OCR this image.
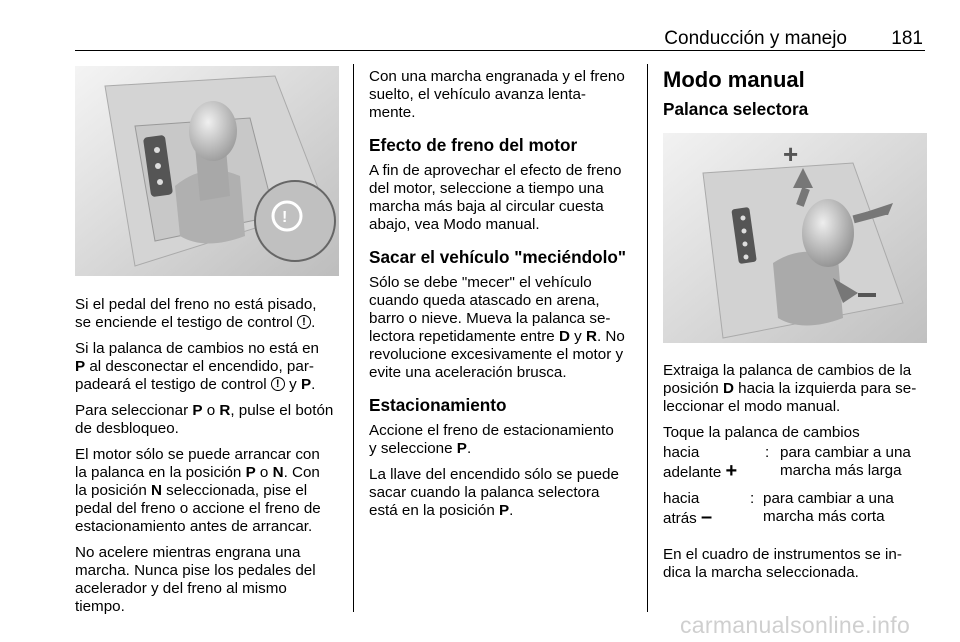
Conducción y manejo 181
!
+

Si el pedal del freno no está pisado,
se enciende el testigo de control !.

Si la palanca de cambios no está en
P al desconectar el encendido, par-
padeará el testigo de control ! y P.

Para seleccionar P o R, pulse el botón
de desbloqueo.

El motor sólo se puede arrancar con
la palanca en la posición P o N. Con
la posición N seleccionada, pise el
pedal del freno o accione el freno de
estacionamiento antes de arrancar.

No acelere mientras engrana una
marcha. Nunca pise los pedales del
acelerador y del freno al mismo
tiempo.

Con una marcha engranada y el freno
suelto, el vehículo avanza lenta-
mente.

Efecto de freno del motor

A fin de aprovechar el efecto de freno
del motor, seleccione a tiempo una
marcha más baja al circular cuesta
abajo, vea Modo manual.

Sacar el vehículo "meciéndolo"

Sólo se debe "mecer" el vehículo
cuando queda atascado en arena,
barro o nieve. Mueva la palanca se-
lectora repetidamente entre D y R. No
revolucione excesivamente el motor y
evite una aceleración brusca.

Estacionamiento

Accione el freno de estacionamiento
y seleccione P.

La llave del encendido sólo se puede
sacar cuando la palanca selectora
está en la posición P.

Modo manual
Palanca selectora

Extraiga la palanca de cambios de la
posición D hacia la izquierda para se-
leccionar el modo manual.

Toque la palanca de cambios

hacia
adelante +
: para cambiar a una
marcha más larga
hacia
atrás –
: para cambiar a una
marcha más corta

En el cuadro de instrumentos se in-
dica la marcha seleccionada.

carmanualsonline.info
